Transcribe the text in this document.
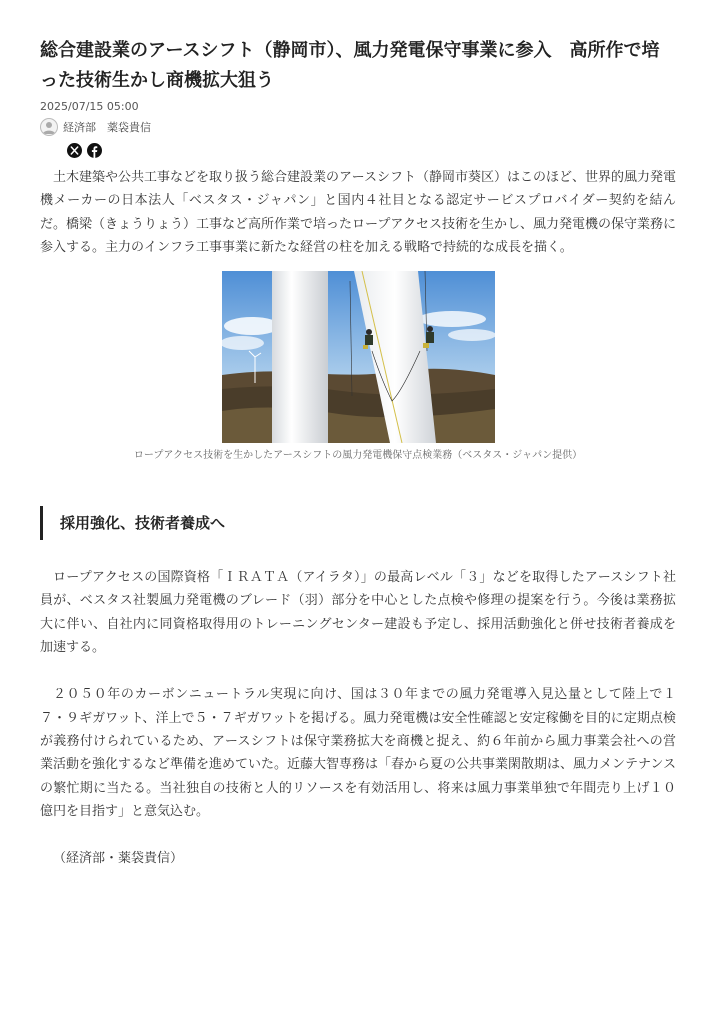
総合建設業のアースシフト（静岡市）、風力発電保守事業に参入　高所作で培った技術生かし商機拡大狙う
2025/07/15 05:00
経済部　薬袋貴信

土木建築や公共工事などを取り扱う総合建設業のアースシフト（静岡市葵区）はこのほど、世界的風力発電機メーカーの日本法人「ベスタス・ジャパン」と国内４社目となる認定サービスプロバイダー契約を結んだ。橋梁（きょうりょう）工事など高所作業で培ったロープアクセス技術を生かし、風力発電機の保守業務に参入する。主力のインフラ工事事業に新たな経営の柱を加える戦略で持続的な成長を描く。

ロープアクセス技術を生かしたアースシフトの風力発電機保守点検業務（ベスタス・ジャパン提供）
採用強化、技術者養成へ

ロープアクセスの国際資格「ＩＲＡＴＡ（アイラタ）」の最高レベル「３」などを取得したアースシフト社員が、ベスタス社製風力発電機のブレード（羽）部分を中心とした点検や修理の提案を行う。今後は業務拡大に伴い、自社内に同資格取得用のトレーニングセンター建設も予定し、採用活動強化と併せ技術者養成を加速する。

２０５０年のカーボンニュートラル実現に向け、国は３０年までの風力発電導入見込量として陸上で１７・９ギガワット、洋上で５・７ギガワットを掲げる。風力発電機は安全性確認と安定稼働を目的に定期点検が義務付けられているため、アースシフトは保守業務拡大を商機と捉え、約６年前から風力事業会社への営業活動を強化するなど準備を進めていた。近藤大智専務は「春から夏の公共事業閑散期は、風力メンテナンスの繁忙期に当たる。当社独自の技術と人的リソースを有効活用し、将来は風力事業単独で年間売り上げ１０億円を目指す」と意気込む。

（経済部・薬袋貴信）
